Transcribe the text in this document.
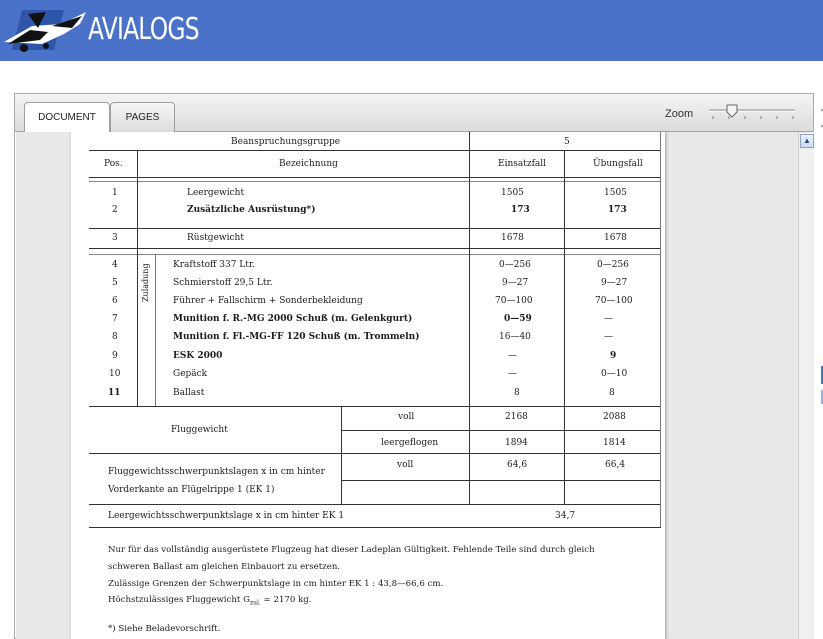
AVIALOGS
DOCUMENT	PAGES	Zoom
Beanspruchungsgruppe	5
Pos.	Bezeichnung	Einsatzfall	Übungsfall
1	Leergewicht	1505	1505
2	Zusätzliche Ausrüstung*)	173	173
3	Rüstgewicht	1678	1678
Zuladung
4	Kraftstoff 337 Ltr.	0—256	0—256
5	Schmierstoff 29,5 Ltr.	9—27	9—27
6	Führer + Fallschirm + Sonderbekleidung	70—100	70—100
7	Munition f. R.-MG 2000 Schuß (m. Gelenkgurt)	0—59	—
8	Munition f. Fl.-MG-FF 120 Schuß (m. Trommeln)	16—40	—
9	ESK 2000	—	9
10	Gepäck	—	0—10
11	Ballast	8	8
Fluggewicht
voll	2168	2088
leergeflogen	1894	1814
Fluggewichtsschwerpunktslagen x in cm hinter
Vorderkante an Flügelrippe 1 (EK 1)
voll	64,6	66,4
Leergewichtsschwerpunktslage x in cm hinter EK 1	34,7
Nur für das vollständig ausgerüstete Flugzeug hat dieser Ladeplan Gültigkeit. Fehlende Teile sind durch gleich
schweren Ballast am gleichen Einbauort zu ersetzen.
Zulässige Grenzen der Schwerpunktslage in cm hinter EK 1 : 43,8—66,6 cm.
Höchstzulässiges Fluggewicht $G_{zul.} = 2170$ kg.
*) Siehe Beladevorschrift.
▲
